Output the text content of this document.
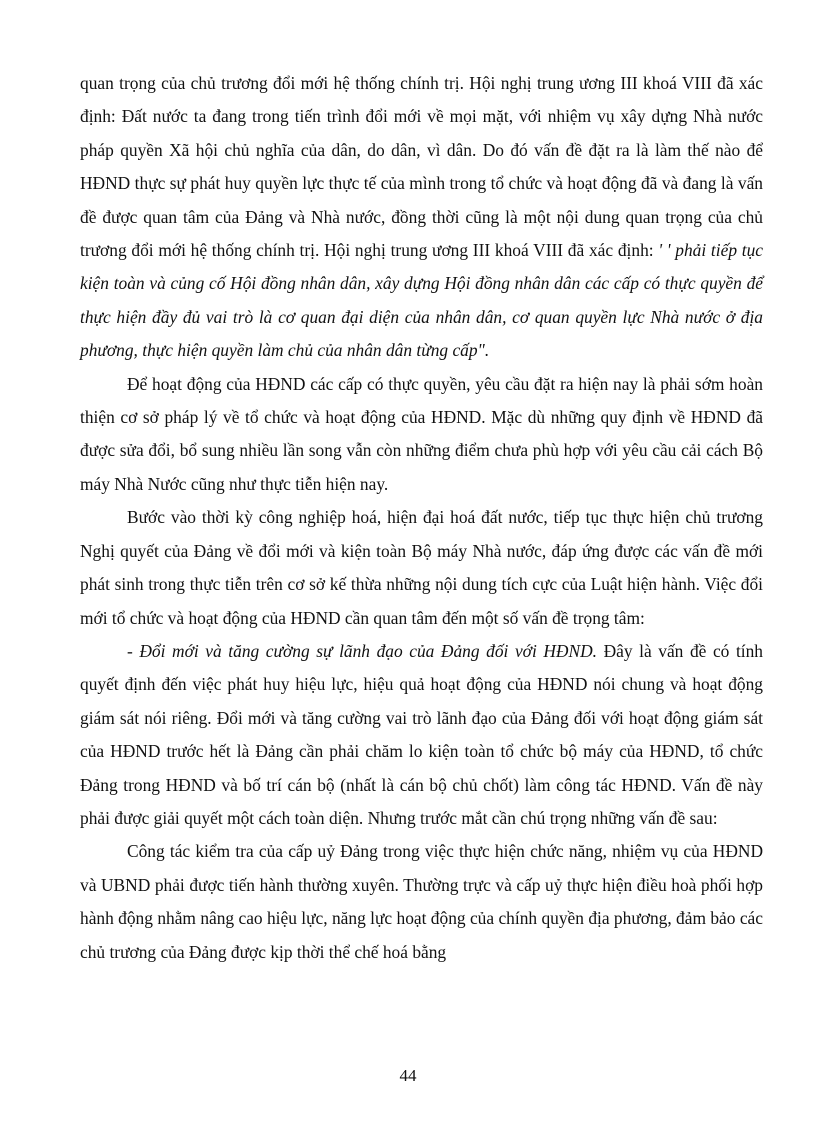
quan trọng của chủ trương đổi mới hệ thống chính trị. Hội nghị trung ương III khoá VIII đã xác định: Đất nước ta đang trong tiến trình đổi mới về mọi mặt, với nhiệm vụ xây dựng Nhà nước pháp quyền Xã hội chủ nghĩa của dân, do dân, vì dân. Do đó vấn đề đặt ra là làm thế nào để HĐND thực sự phát huy quyền lực thực tế của mình trong tổ chức và hoạt động đã và đang là vấn đề được quan tâm của Đảng và Nhà nước, đồng thời cũng là một nội dung quan trọng của chủ trương đổi mới hệ thống chính trị. Hội nghị trung ương III khoá VIII đã xác định: ' ' phải tiếp tục kiện toàn và củng cố Hội đồng nhân dân, xây dựng Hội đồng nhân dân các cấp có thực quyền để thực hiện đầy đủ vai trò là cơ quan đại diện của nhân dân, cơ quan quyền lực Nhà nước ở địa phương, thực hiện quyền làm chủ của nhân dân từng cấp".

Để hoạt động của HĐND các cấp có thực quyền, yêu cầu đặt ra hiện nay là phải sớm hoàn thiện cơ sở pháp lý về tổ chức và hoạt động của HĐND. Mặc dù những quy định về HĐND đã được sửa đổi, bổ sung nhiều lần song vẫn còn những điểm chưa phù hợp với yêu cầu cải cách Bộ máy Nhà Nước cũng như thực tiễn hiện nay.

Bước vào thời kỳ công nghiệp hoá, hiện đại hoá đất nước, tiếp tục thực hiện chủ trương Nghị quyết của Đảng về đổi mới và kiện toàn Bộ máy Nhà nước, đáp ứng được các vấn đề mới phát sinh trong thực tiễn trên cơ sở kế thừa những nội dung tích cực của Luật hiện hành. Việc đổi mới tổ chức và hoạt động của HĐND cần quan tâm đến một số vấn đề trọng tâm:

- Đổi mới và tăng cường sự lãnh đạo của Đảng đối với HĐND. Đây là vấn đề có tính quyết định đến việc phát huy hiệu lực, hiệu quả hoạt động của HĐND nói chung và hoạt động giám sát nói riêng. Đổi mới và tăng cường vai trò lãnh đạo của Đảng đối với hoạt động giám sát của HĐND trước hết là Đảng cần phải chăm lo kiện toàn tổ chức bộ máy của HĐND, tổ chức Đảng trong HĐND và bố trí cán bộ (nhất là cán bộ chủ chốt) làm công tác HĐND. Vấn đề này phải được giải quyết một cách toàn diện. Nhưng trước mắt cần chú trọng những vấn đề sau:

Công tác kiểm tra của cấp uỷ Đảng trong việc thực hiện chức năng, nhiệm vụ của HĐND và UBND phải được tiến hành thường xuyên. Thường trực và cấp uỷ thực hiện điều hoà phối hợp hành động nhằm nâng cao hiệu lực, năng lực hoạt động của chính quyền địa phương, đảm bảo các chủ trương của Đảng được kịp thời thể chế hoá bằng

44
